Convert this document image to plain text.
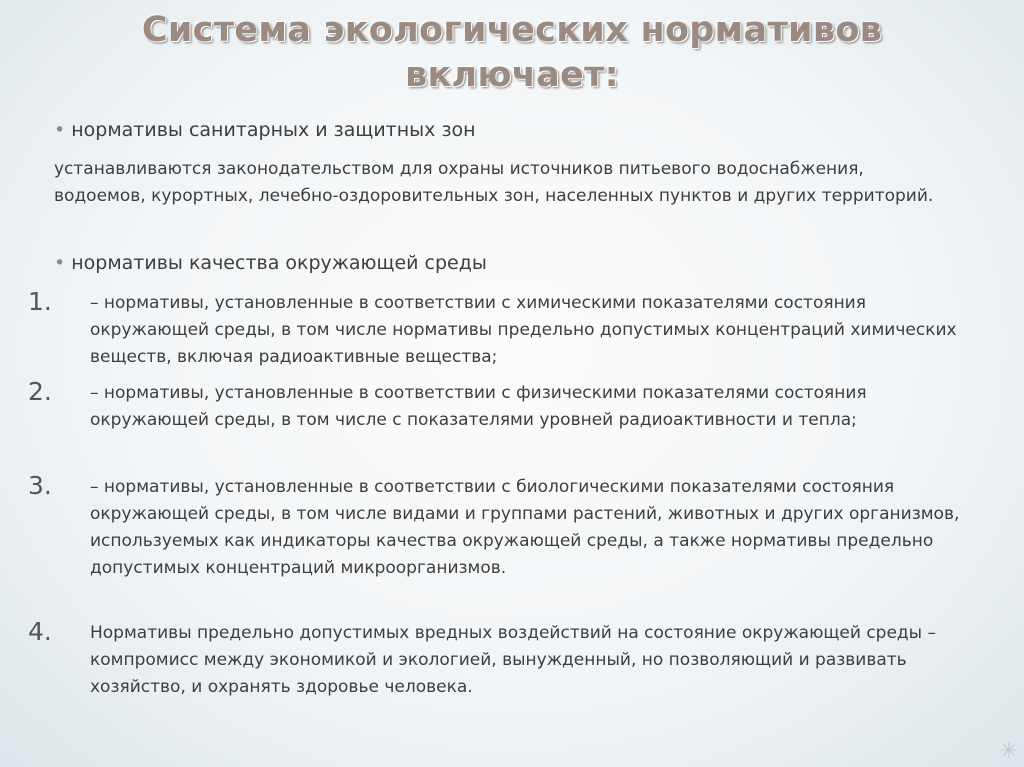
Система экологических нормативов
включает:
• нормативы санитарных и защитных зон
устанавливаются законодательством для охраны источников питьевого водоснабжения, водоемов, курортных, лечебно-оздоровительных зон, населенных пунктов и других территорий.
• нормативы качества окружающей среды
1.	– нормативы, установленные в соответствии с химическими показателями состояния окружающей среды, в том числе нормативы предельно допустимых концентраций химических веществ, включая радиоактивные вещества;
2.	– нормативы, установленные в соответствии с физическими показателями состояния окружающей среды, в том числе с показателями уровней радиоактивности и тепла;
3.	– нормативы, установленные в соответствии с биологическими показателями состояния окружающей среды, в том числе видами и группами растений, животных и других организмов, используемых как индикаторы качества окружающей среды, а также нормативы предельно допустимых концентраций микроорганизмов.
4.	Нормативы предельно допустимых вредных воздействий на состояние окружающей среды – компромисс между экономикой и экологией, вынужденный, но позволяющий и развивать хозяйство, и охранять здоровье человека.
✳
